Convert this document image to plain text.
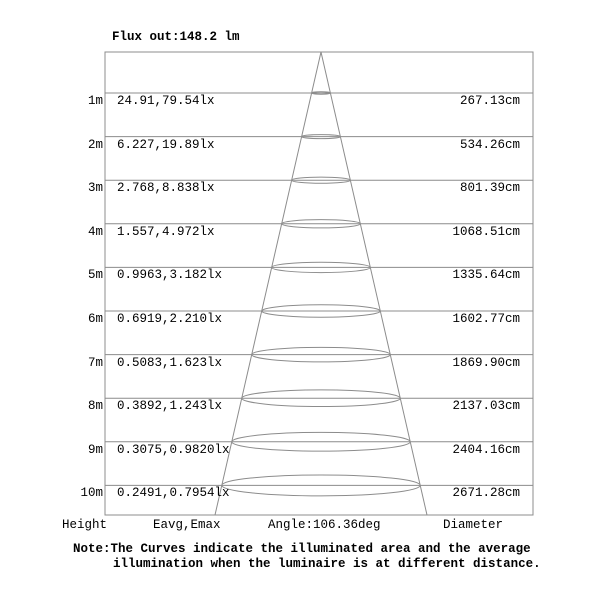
Flux out:148.2 lm
1m 24.91,79.54lx	267.13cm
2m 6.227,19.89lx	534.26cm
3m 2.768,8.838lx	801.39cm
4m 1.557,4.972lx	1068.51cm
5m 0.9963,3.182lx	1335.64cm
6m 0.6919,2.210lx	1602.77cm
7m 0.5083,1.623lx	1869.90cm
8m 0.3892,1.243lx	2137.03cm
9m 0.3075,0.9820lx	2404.16cm
10m 0.2491,0.7954lx	2671.28cm
Height	Eavg,Emax	Angle:106.36deg	Diameter
Note:The Curves indicate the illuminated area and the average
illumination when the luminaire is at different distance.
